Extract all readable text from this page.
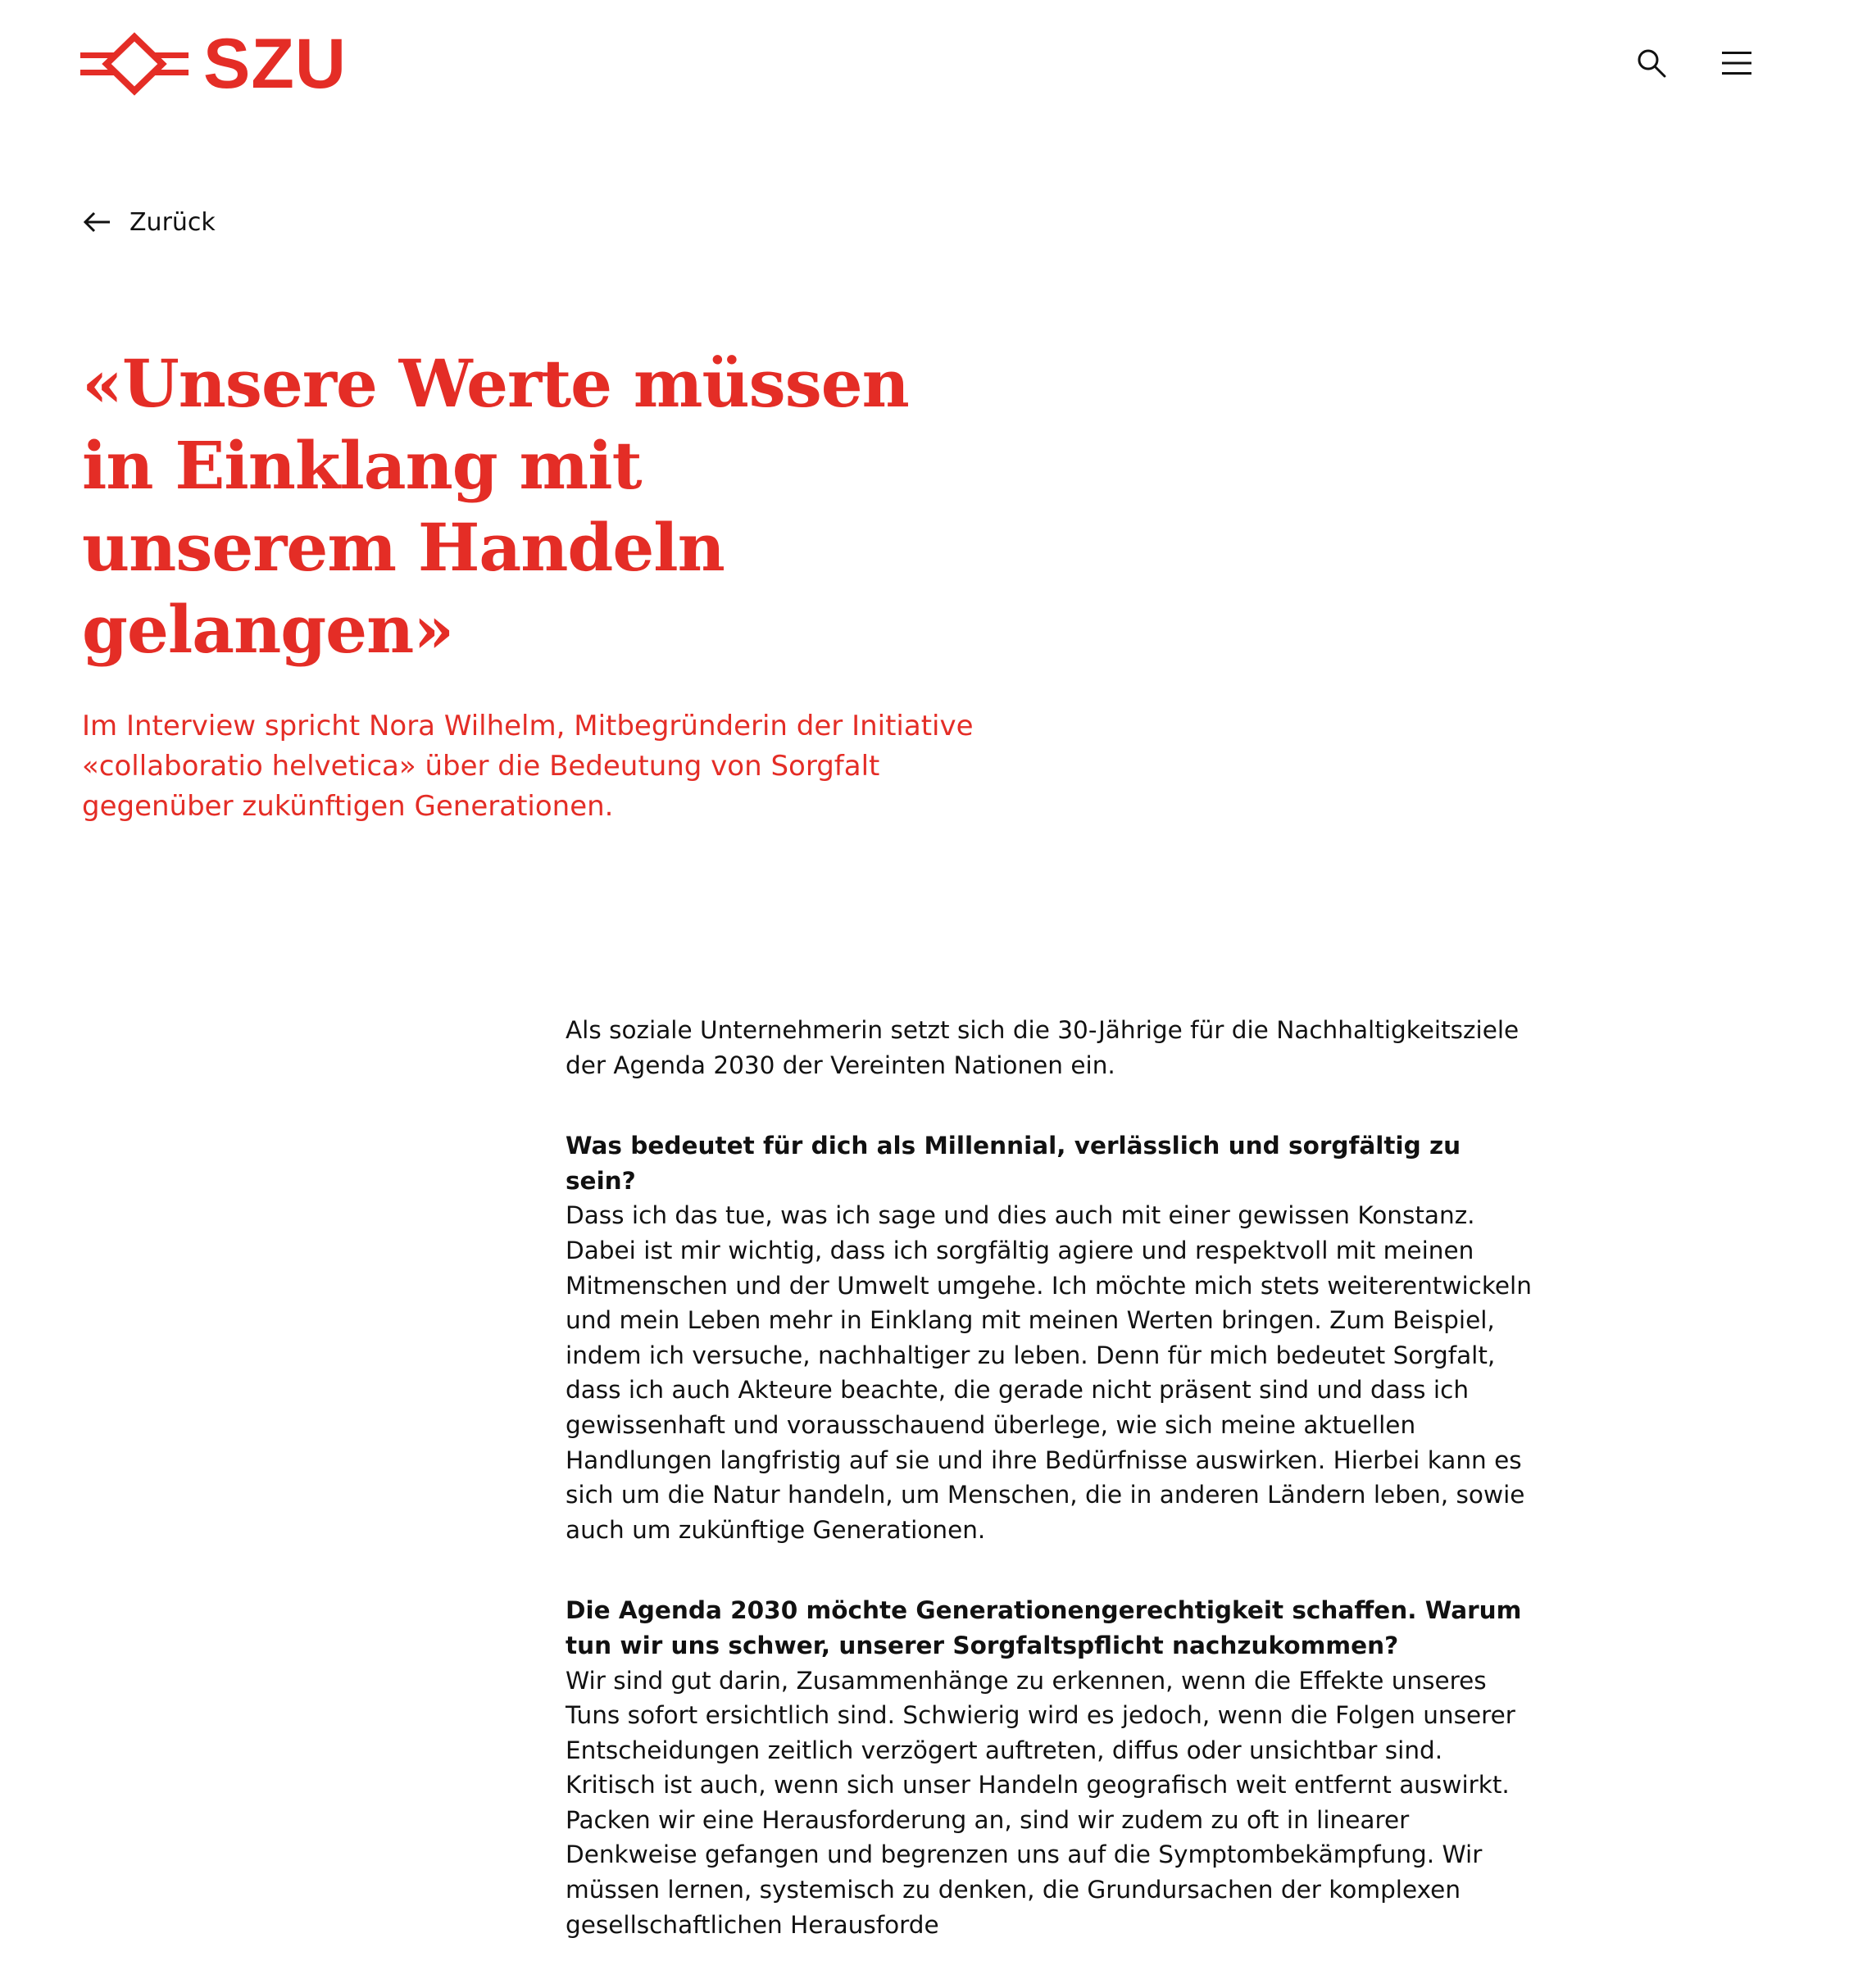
SZU
Zurück
«Unsere Werte müssen in Einklang mit unserem Handeln gelangen»

Im Interview spricht Nora Wilhelm, Mitbegründerin der Initiative «collaboratio helvetica» über die Bedeutung von Sorgfalt gegenüber zukünftigen Generationen.

Als soziale Unternehmerin setzt sich die 30-Jährige für die Nachhaltigkeitsziele der Agenda 2030 der Vereinten Nationen ein.

Was bedeutet für dich als Millennial, verlässlich und sorgfältig zu sein?
Dass ich das tue, was ich sage und dies auch mit einer gewissen Konstanz. Dabei ist mir wichtig, dass ich sorgfältig agiere und respektvoll mit meinen Mitmenschen und der Umwelt umgehe. Ich möchte mich stets weiterentwickeln und mein Leben mehr in Einklang mit meinen Werten bringen. Zum Beispiel, indem ich versuche, nachhaltiger zu leben. Denn für mich bedeutet Sorgfalt, dass ich auch Akteure beachte, die gerade nicht präsent sind und dass ich gewissenhaft und vorausschauend überlege, wie sich meine aktuellen Handlungen langfristig auf sie und ihre Bedürfnisse auswirken. Hierbei kann es sich um die Natur handeln, um Menschen, die in anderen Ländern leben, sowie auch um zukünftige Generationen.

Die Agenda 2030 möchte Generationengerechtigkeit schaffen. Warum tun wir uns schwer, unserer Sorgfaltspflicht nachzukommen?
Wir sind gut darin, Zusammenhänge zu erkennen, wenn die Effekte unseres Tuns sofort ersichtlich sind. Schwierig wird es jedoch, wenn die Folgen unserer Entscheidungen zeitlich verzögert auftreten, diffus oder unsichtbar sind. Kritisch ist auch, wenn sich unser Handeln geografisch weit entfernt auswirkt. Packen wir eine Herausforderung an, sind wir zudem zu oft in linearer Denkweise gefangen und begrenzen uns auf die Symptombekämpfung. Wir müssen lernen, systemisch zu denken, die Grundursachen der komplexen gesellschaftlichen Herausforde
